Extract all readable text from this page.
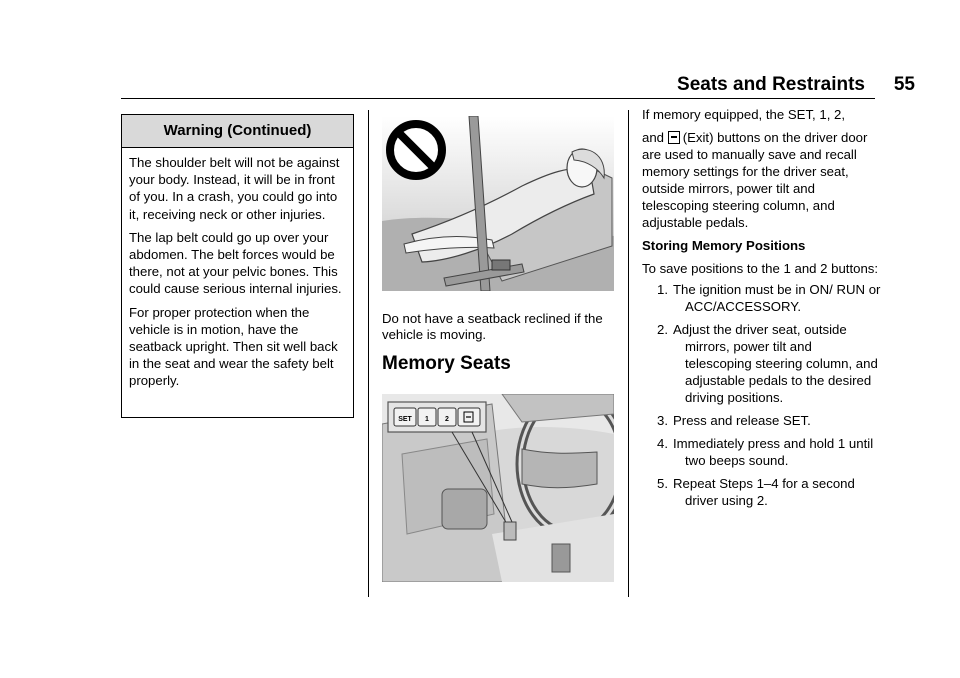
Seats and Restraints 55
Warning (Continued)

The shoulder belt will not be against your body. Instead, it will be in front of you. In a crash, you could go into it, receiving neck or other injuries.

The lap belt could go up over your abdomen. The belt forces would be there, not at your pelvic bones. This could cause serious internal injuries.

For proper protection when the vehicle is in motion, have the seatback upright. Then sit well back in the seat and wear the safety belt properly.

Do not have a seatback reclined if the vehicle is moving.
Memory Seats
SET 1 2

If memory equipped, the SET, 1, 2,

and (Exit) buttons on the driver door are used to manually save and recall memory settings for the driver seat, outside mirrors, power tilt and telescoping steering column, and adjustable pedals.

Storing Memory Positions

To save positions to the 1 and 2 buttons:

1. The ignition must be in ON/ RUN or ACC/ACCESSORY.
2. Adjust the driver seat, outside mirrors, power tilt and telescoping steering column, and adjustable pedals to the desired driving positions.
3. Press and release SET.
4. Immediately press and hold 1 until two beeps sound.
5. Repeat Steps 1–4 for a second driver using 2.
